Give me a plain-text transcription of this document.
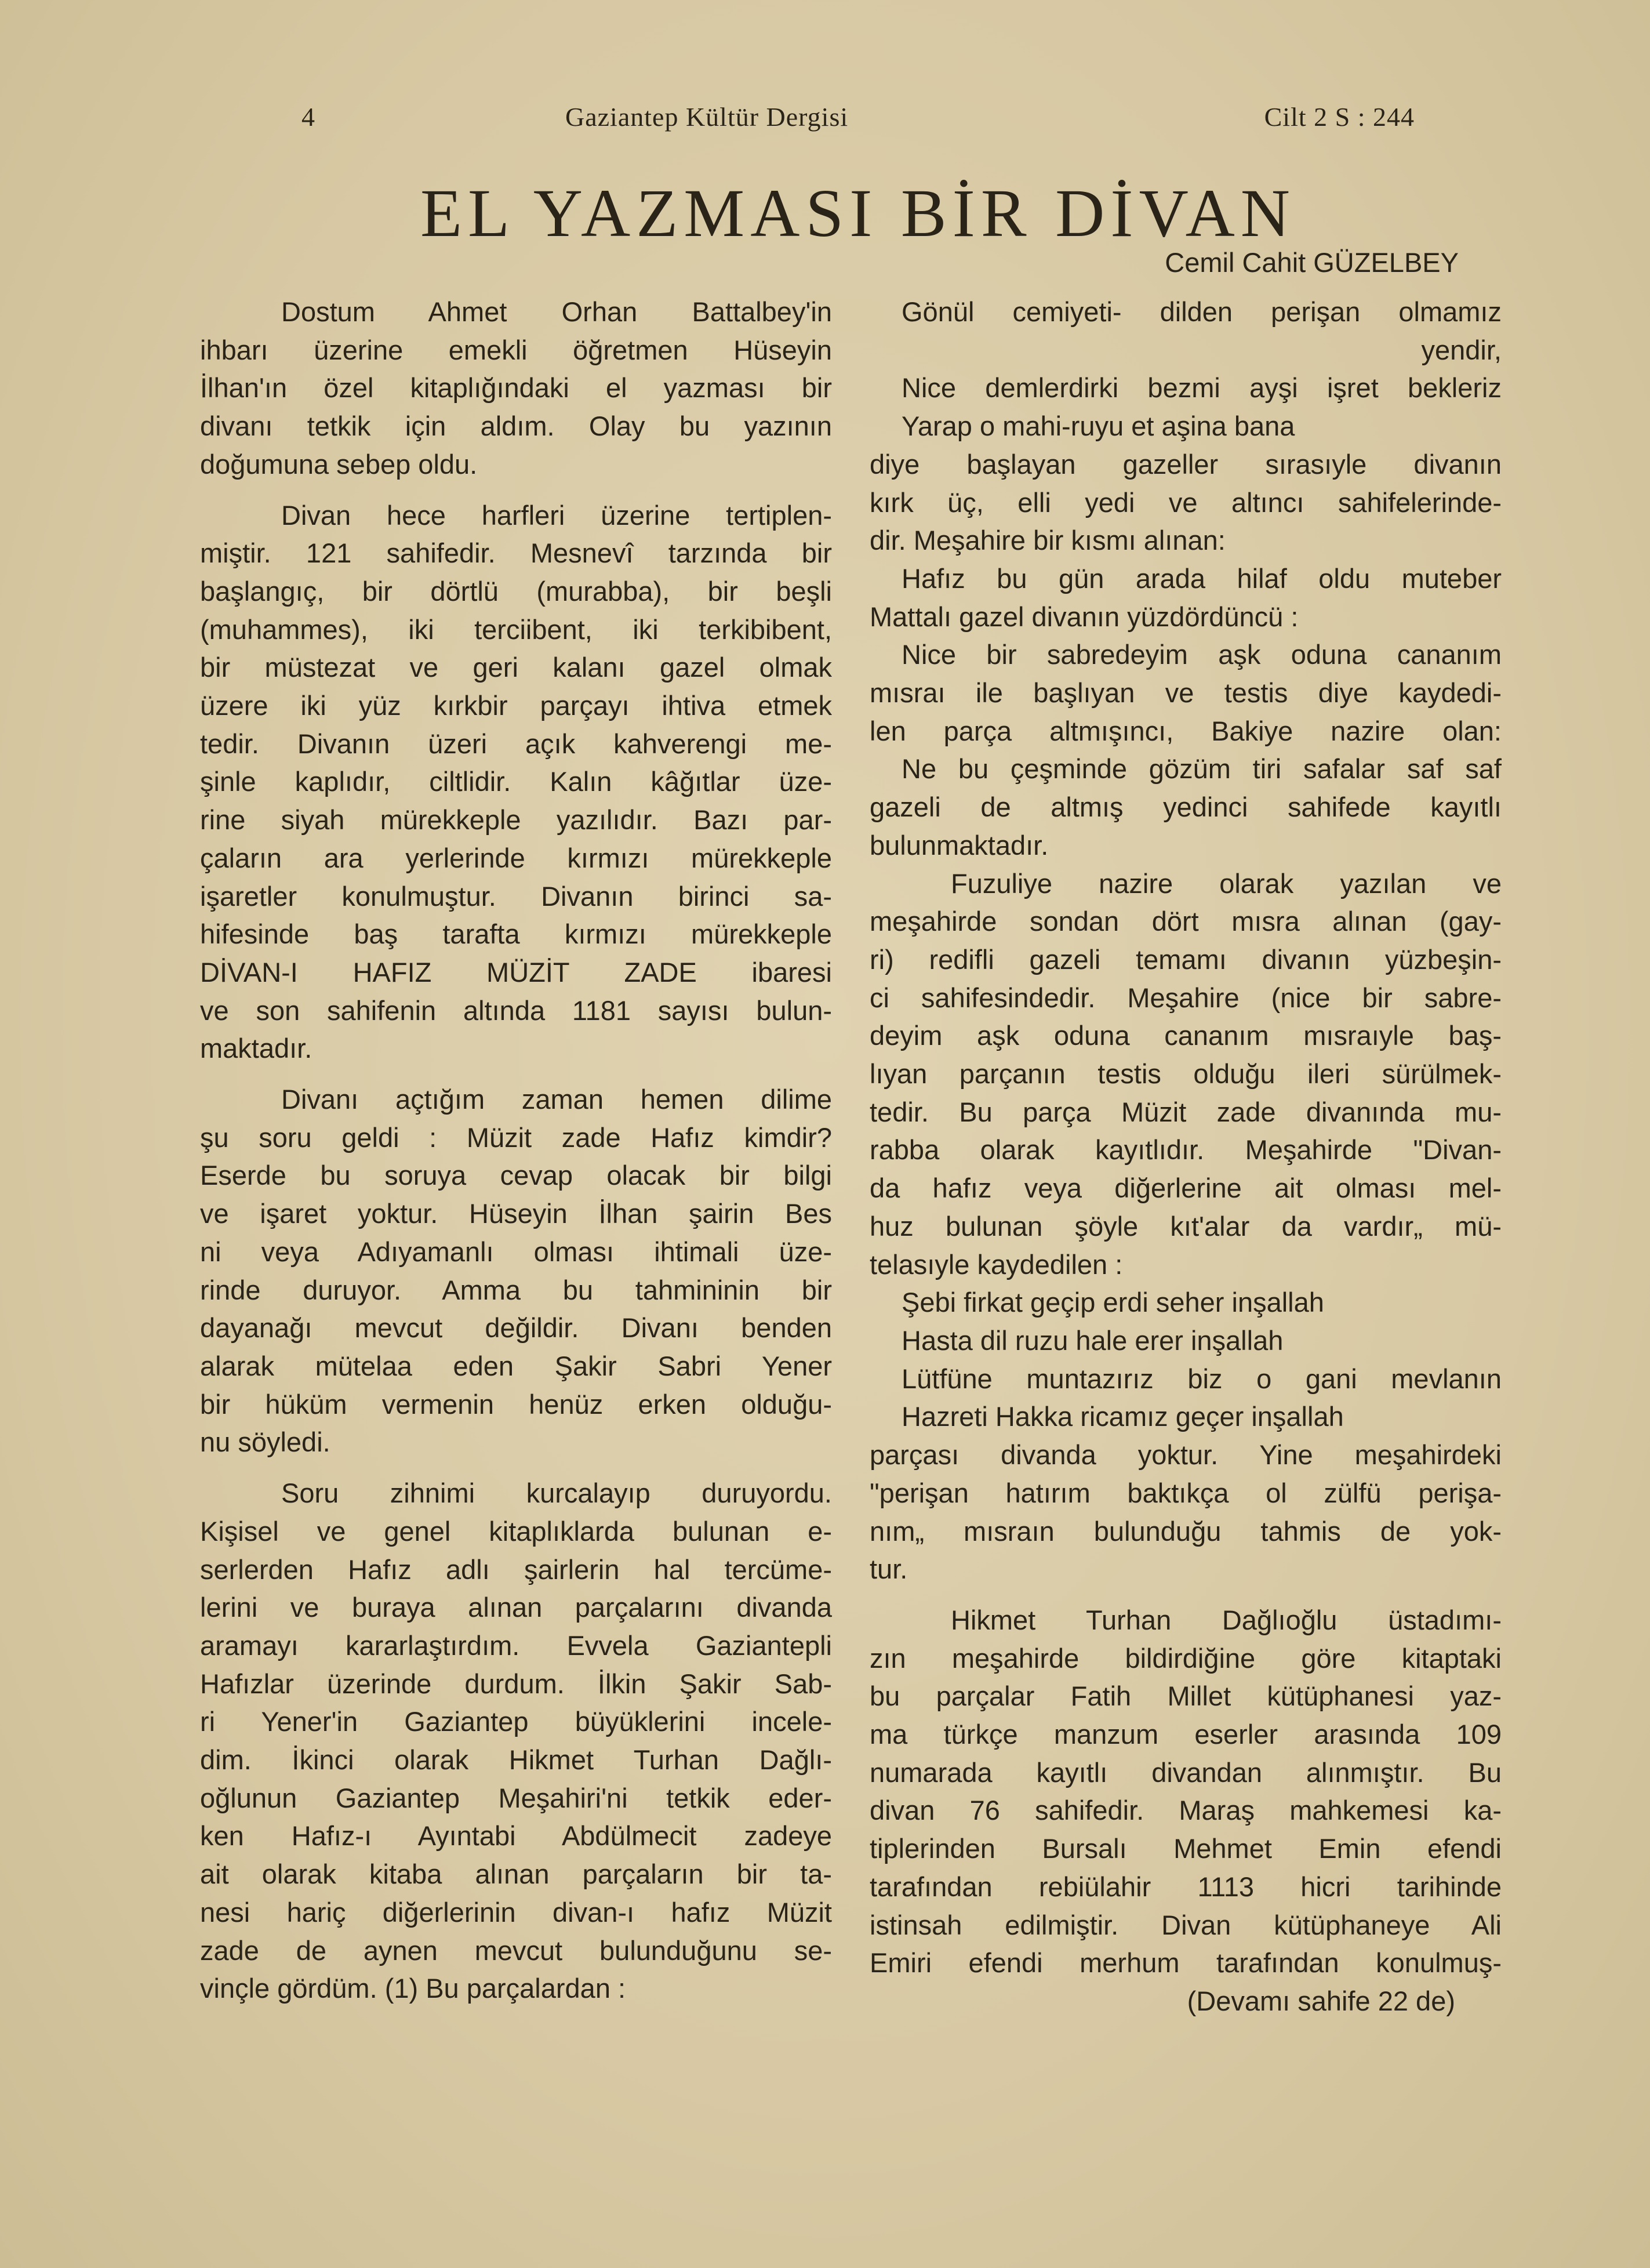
4	Gaziantep Kültür Dergisi	Cilt 2 S : 244
EL YAZMASI BİR DİVAN
Cemil Cahit GÜZELBEY
Dostum Ahmet Orhan Battalbey'in
ihbarı üzerine emekli öğretmen Hüseyin
İlhan'ın özel kitaplığındaki el yazması bir
divanı tetkik için aldım. Olay bu yazının
doğumuna sebep oldu.
Divan hece harfleri üzerine tertiplen-
miştir. 121 sahifedir. Mesnevî tarzında bir
başlangıç, bir dörtlü (murabba), bir beşli
(muhammes), iki terciibent, iki terkibibent,
bir müstezat ve geri kalanı gazel olmak
üzere iki yüz kırkbir parçayı ihtiva etmek
tedir. Divanın üzeri açık kahverengi me-
şinle kaplıdır, ciltlidir. Kalın kâğıtlar üze-
rine siyah mürekkeple yazılıdır. Bazı par-
çaların ara yerlerinde kırmızı mürekkeple
işaretler konulmuştur. Divanın birinci sa-
hifesinde baş tarafta kırmızı mürekkeple
DİVAN-I HAFIZ MÜZİT ZADE ibaresi
ve son sahifenin altında 1181 sayısı bulun-
maktadır.
Divanı açtığım zaman hemen dilime
şu soru geldi : Müzit zade Hafız kimdir?
Eserde bu soruya cevap olacak bir bilgi
ve işaret yoktur. Hüseyin İlhan şairin Bes
ni veya Adıyamanlı olması ihtimali üze-
rinde duruyor. Amma bu tahmininin bir
dayanağı mevcut değildir. Divanı benden
alarak mütelaa eden Şakir Sabri Yener
bir hüküm vermenin henüz erken olduğu-
nu söyledi.
Soru zihnimi kurcalayıp duruyordu.
Kişisel ve genel kitaplıklarda bulunan e-
serlerden Hafız adlı şairlerin hal tercüme-
lerini ve buraya alınan parçalarını divanda
aramayı kararlaştırdım. Evvela Gaziantepli
Hafızlar üzerinde durdum. İlkin Şakir Sab-
ri Yener'in Gaziantep büyüklerini incele-
dim. İkinci olarak Hikmet Turhan Dağlı-
oğlunun Gaziantep Meşahiri'ni tetkik eder-
ken Hafız-ı Ayıntabi Abdülmecit zadeye
ait olarak kitaba alınan parçaların bir ta-
nesi hariç diğerlerinin divan-ı hafız Müzit
zade de aynen mevcut bulunduğunu se-
vinçle gördüm. (1) Bu parçalardan :
Gönül cemiyeti- dilden perişan olmamız
yendir,
Nice demlerdirki bezmi ayşi işret bekleriz
Yarap o mahi-ruyu et aşina bana
diye başlayan gazeller sırasıyle divanın
kırk üç, elli yedi ve altıncı sahifelerinde-
dir. Meşahire bir kısmı alınan:
Hafız bu gün arada hilaf oldu muteber
Mattalı gazel divanın yüzdördüncü :
Nice bir sabredeyim aşk oduna cananım
mısraı ile başlıyan ve testis diye kaydedi-
len parça altmışıncı, Bakiye nazire olan:
Ne bu çeşminde gözüm tiri safalar saf saf
gazeli de altmış yedinci sahifede kayıtlı
bulunmaktadır.
Fuzuliye nazire olarak yazılan ve
meşahirde sondan dört mısra alınan (gay-
ri) redifli gazeli temamı divanın yüzbeşin-
ci sahifesindedir. Meşahire (nice bir sabre-
deyim aşk oduna cananım mısraıyle baş-
lıyan parçanın testis olduğu ileri sürülmek-
tedir. Bu parça Müzit zade divanında mu-
rabba olarak kayıtlıdır. Meşahirde "Divan-
da hafız veya diğerlerine ait olması mel-
huz bulunan şöyle kıt'alar da vardır„ mü-
telasıyle kaydedilen :
Şebi firkat geçip erdi seher inşallah
Hasta dil ruzu hale erer inşallah
Lütfüne muntazırız biz o gani mevlanın
Hazreti Hakka ricamız geçer inşallah
parçası divanda yoktur. Yine meşahirdeki
"perişan hatırım baktıkça ol zülfü perişa-
nım„ mısraın bulunduğu tahmis de yok-
tur.
Hikmet Turhan Dağlıoğlu üstadımı-
zın meşahirde bildirdiğine göre kitaptaki
bu parçalar Fatih Millet kütüphanesi yaz-
ma türkçe manzum eserler arasında 109
numarada kayıtlı divandan alınmıştır. Bu
divan 76 sahifedir. Maraş mahkemesi ka-
tiplerinden Bursalı Mehmet Emin efendi
tarafından rebiülahir 1113 hicri tarihinde
istinsah edilmiştir. Divan kütüphaneye Ali
Emiri efendi merhum tarafından konulmuş-
(Devamı sahife 22 de)
